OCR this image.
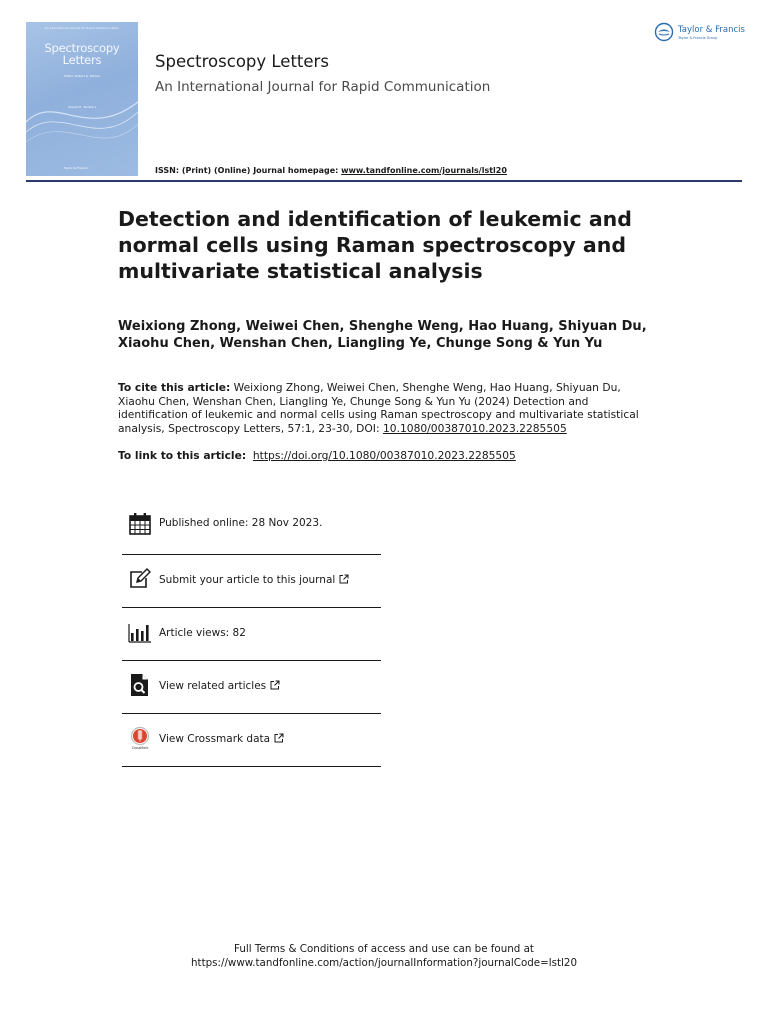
An International Journal for Rapid Communication
Spectroscopy
Letters
Editor: Robert G. Michel
Volume 37 · Number 1
Taylor & Francis
Spectroscopy Letters
An International Journal for Rapid Communication
ISSN: (Print) (Online) Journal homepage: www.tandfonline.com/journals/lstl20
Taylor & Francis
Taylor & Francis Group
Detection and identification of leukemic and normal cells using Raman spectroscopy and multivariate statistical analysis
Weixiong Zhong, Weiwei Chen, Shenghe Weng, Hao Huang, Shiyuan Du, Xiaohu Chen, Wenshan Chen, Liangling Ye, Chunge Song & Yun Yu
To cite this article: Weixiong Zhong, Weiwei Chen, Shenghe Weng, Hao Huang, Shiyuan Du, Xiaohu Chen, Wenshan Chen, Liangling Ye, Chunge Song & Yun Yu (2024) Detection and identification of leukemic and normal cells using Raman spectroscopy and multivariate statistical analysis, Spectroscopy Letters, 57:1, 23-30, DOI: 10.1080/00387010.2023.2285505
To link to this article: https://doi.org/10.1080/00387010.2023.2285505
Published online: 28 Nov 2023.
Submit your article to this journal
Article views: 82
View related articles
CrossMark
View Crossmark data
Full Terms & Conditions of access and use can be found at
https://www.tandfonline.com/action/journalInformation?journalCode=lstl20
